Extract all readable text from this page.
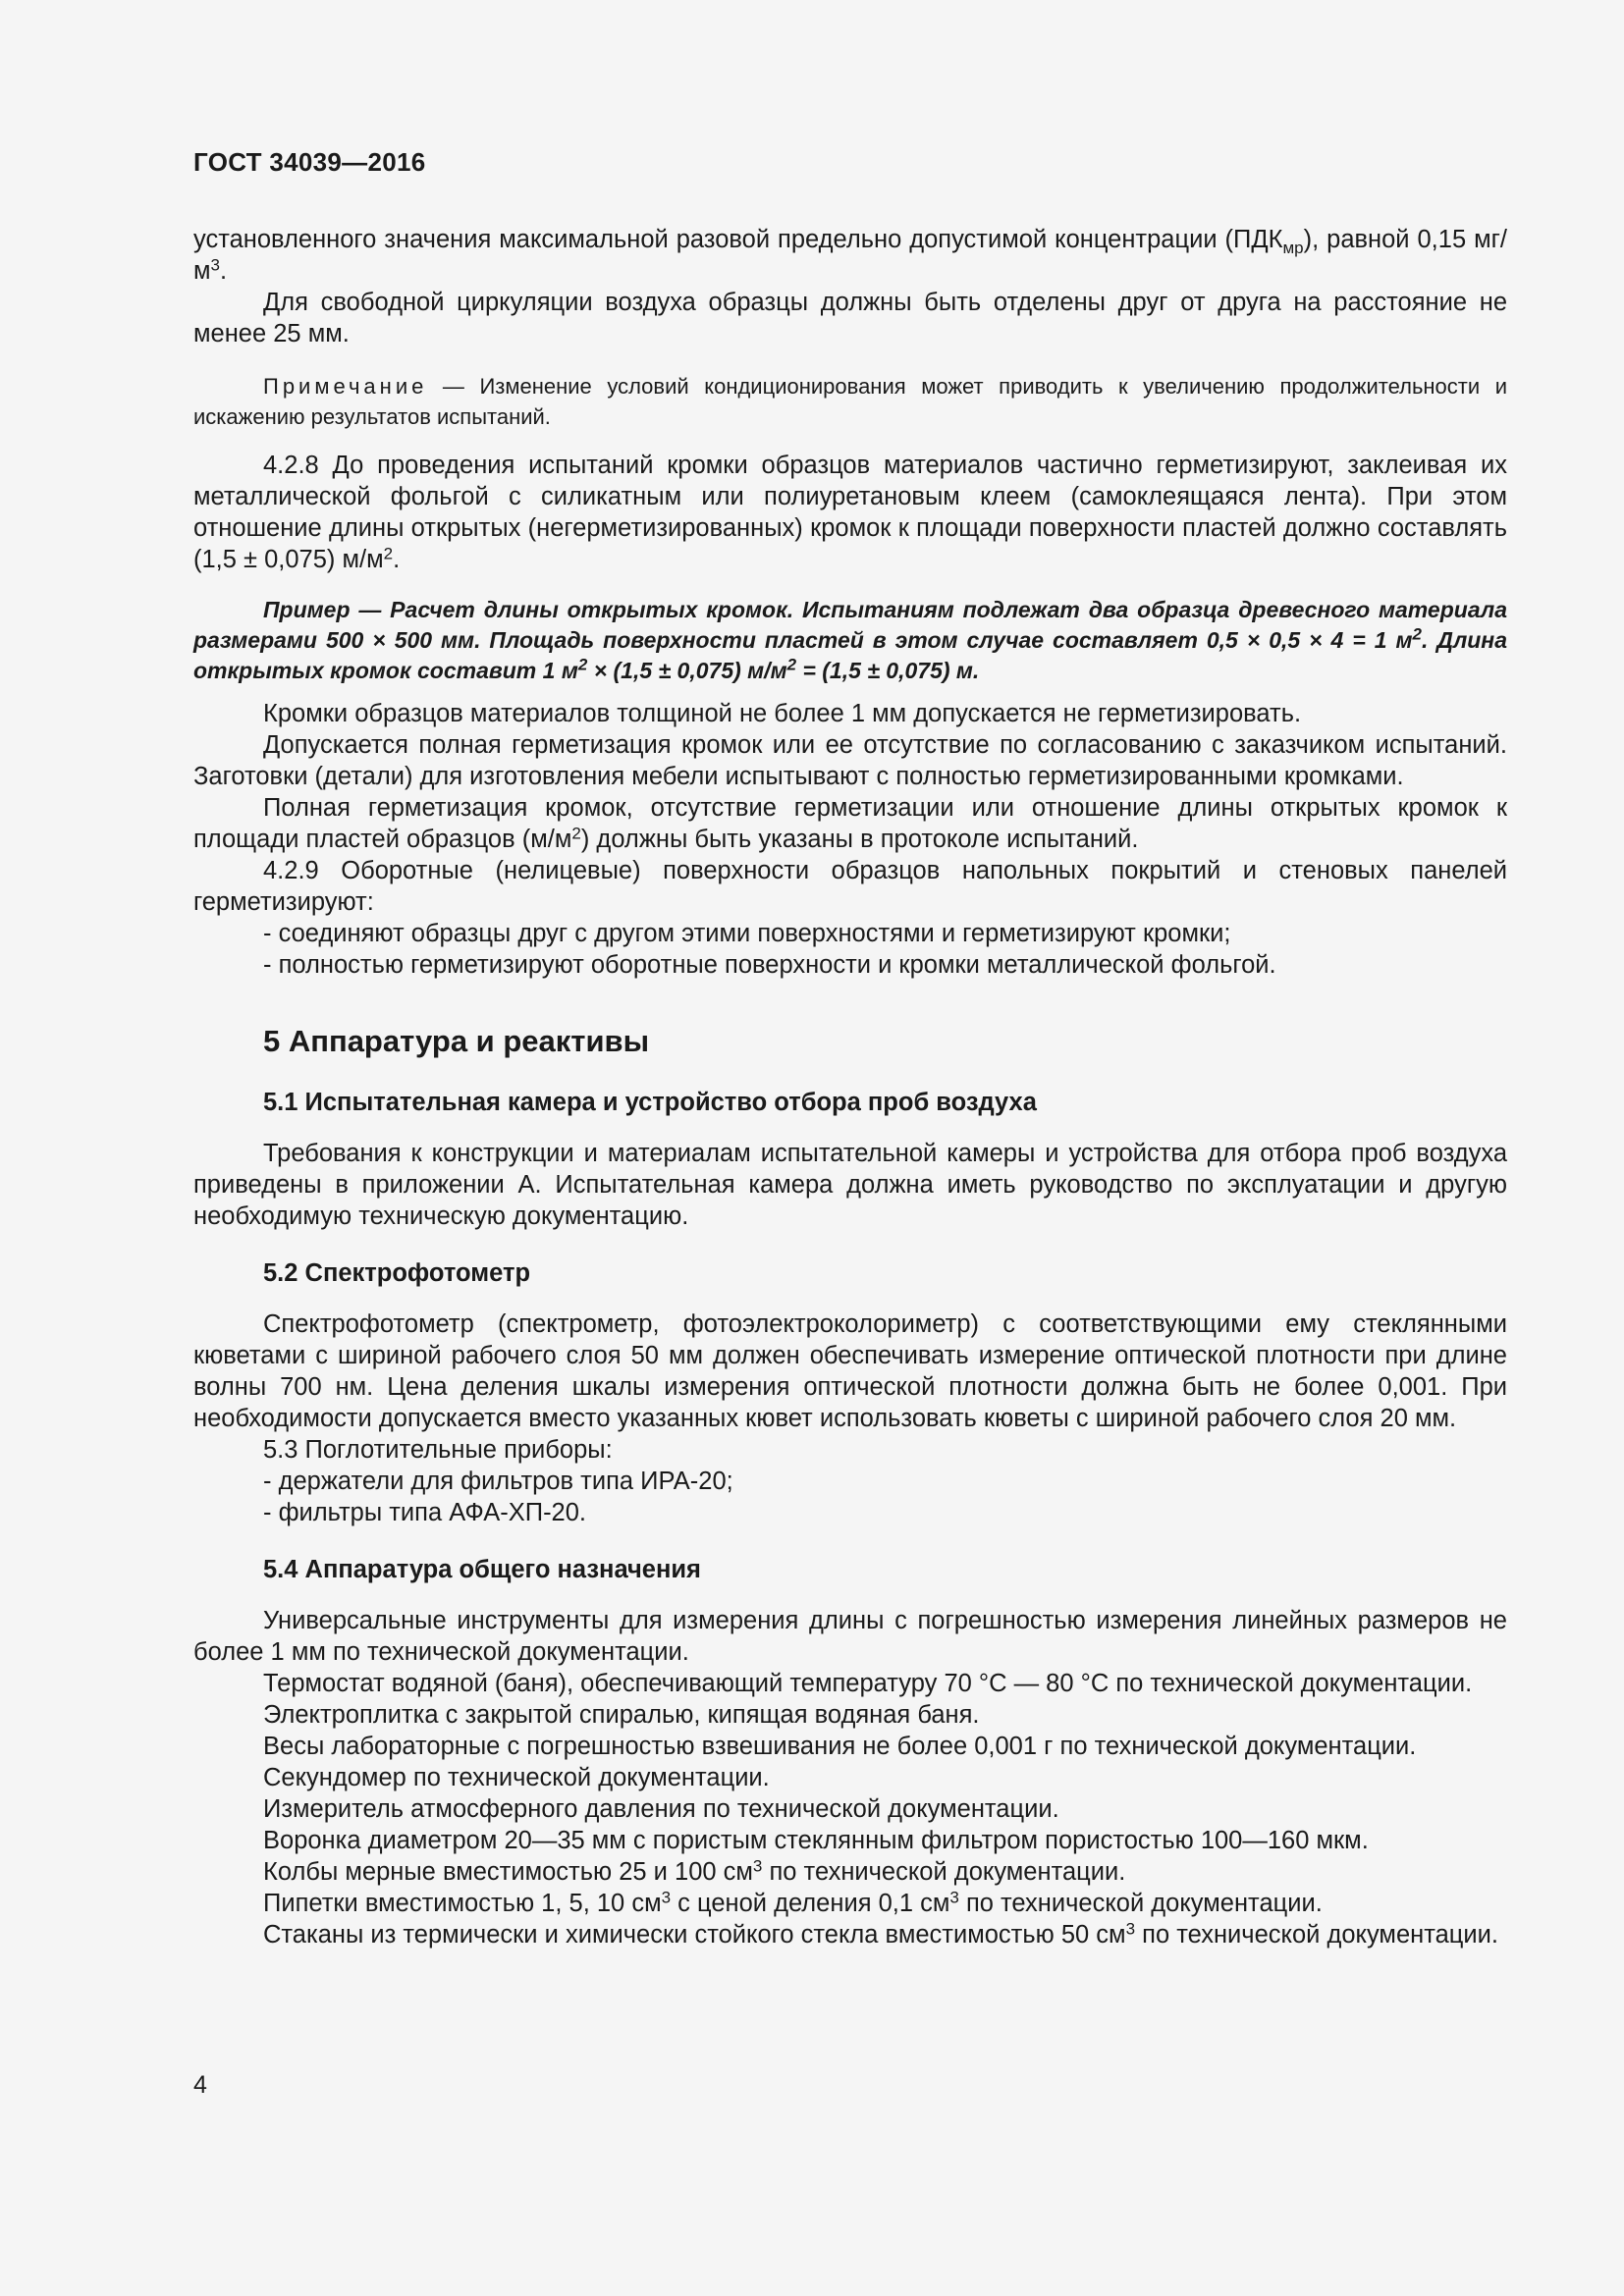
ГОСТ 34039—2016

установленного значения максимальной разовой предельно допустимой концентрации $(ПДК_{мр})$, равной 0,15 $мг/м^3$.

Для свободной циркуляции воздуха образцы должны быть отделены друг от друга на расстояние не менее 25 мм.

Примечание — Изменение условий кондиционирования может приводить к увеличению продолжительности и искажению результатов испытаний.

4.2.8 До проведения испытаний кромки образцов материалов частично герметизируют, заклеивая их металлической фольгой с силикатным или полиуретановым клеем (самоклеящаяся лента). При этом отношение длины открытых (негерметизированных) кромок к площади поверхности пластей должно составлять (1,5 ± 0,075) $м/м^2$.

Пример — Расчет длины открытых кромок. Испытаниям подлежат два образца древесного материала размерами 500 × 500 мм. Площадь поверхности пластей в этом случае составляет 0,5 × 0,5 × 4 = 1 $м^2$. Длина открытых кромок составит 1 $м^2 \times (1,5 \pm 0,075) м/м^2 = (1,5 \pm 0,075)$ м.

Кромки образцов материалов толщиной не более 1 мм допускается не герметизировать.

Допускается полная герметизация кромок или ее отсутствие по согласованию с заказчиком испытаний. Заготовки (детали) для изготовления мебели испытывают с полностью герметизированными кромками.

Полная герметизация кромок, отсутствие герметизации или отношение длины открытых кромок к площади пластей образцов $(м/м^2)$ должны быть указаны в протоколе испытаний.

4.2.9 Оборотные (нелицевые) поверхности образцов напольных покрытий и стеновых панелей герметизируют:

- соединяют образцы друг с другом этими поверхностями и герметизируют кромки;

- полностью герметизируют оборотные поверхности и кромки металлической фольгой.

5 Аппаратура и реактивы
5.1 Испытательная камера и устройство отбора проб воздуха

Требования к конструкции и материалам испытательной камеры и устройства для отбора проб воздуха приведены в приложении А. Испытательная камера должна иметь руководство по эксплуатации и другую необходимую техническую документацию.

5.2 Спектрофотометр

Спектрофотометр (спектрометр, фотоэлектроколориметр) с соответствующими ему стеклянными кюветами с шириной рабочего слоя 50 мм должен обеспечивать измерение оптической плотности при длине волны 700 нм. Цена деления шкалы измерения оптической плотности должна быть не более 0,001. При необходимости допускается вместо указанных кювет использовать кюветы с шириной рабочего слоя 20 мм.

5.3 Поглотительные приборы:

- держатели для фильтров типа ИРА-20;

- фильтры типа АФА-ХП-20.

5.4 Аппаратура общего назначения

Универсальные инструменты для измерения длины с погрешностью измерения линейных размеров не более 1 мм по технической документации.

Термостат водяной (баня), обеспечивающий температуру 70 °С — 80 °С по технической документации.

Электроплитка с закрытой спиралью, кипящая водяная баня.

Весы лабораторные с погрешностью взвешивания не более 0,001 г по технической документации.

Секундомер по технической документации.

Измеритель атмосферного давления по технической документации.

Воронка диаметром 20—35 мм с пористым стеклянным фильтром пористостью 100—160 мкм.

Колбы мерные вместимостью 25 и 100 $см^3$ по технической документации.

Пипетки вместимостью 1, 5, 10 $см^3$ с ценой деления 0,1 $см^3$ по технической документации.

Стаканы из термически и химически стойкого стекла вместимостью 50 $см^3$ по технической документации.

4
